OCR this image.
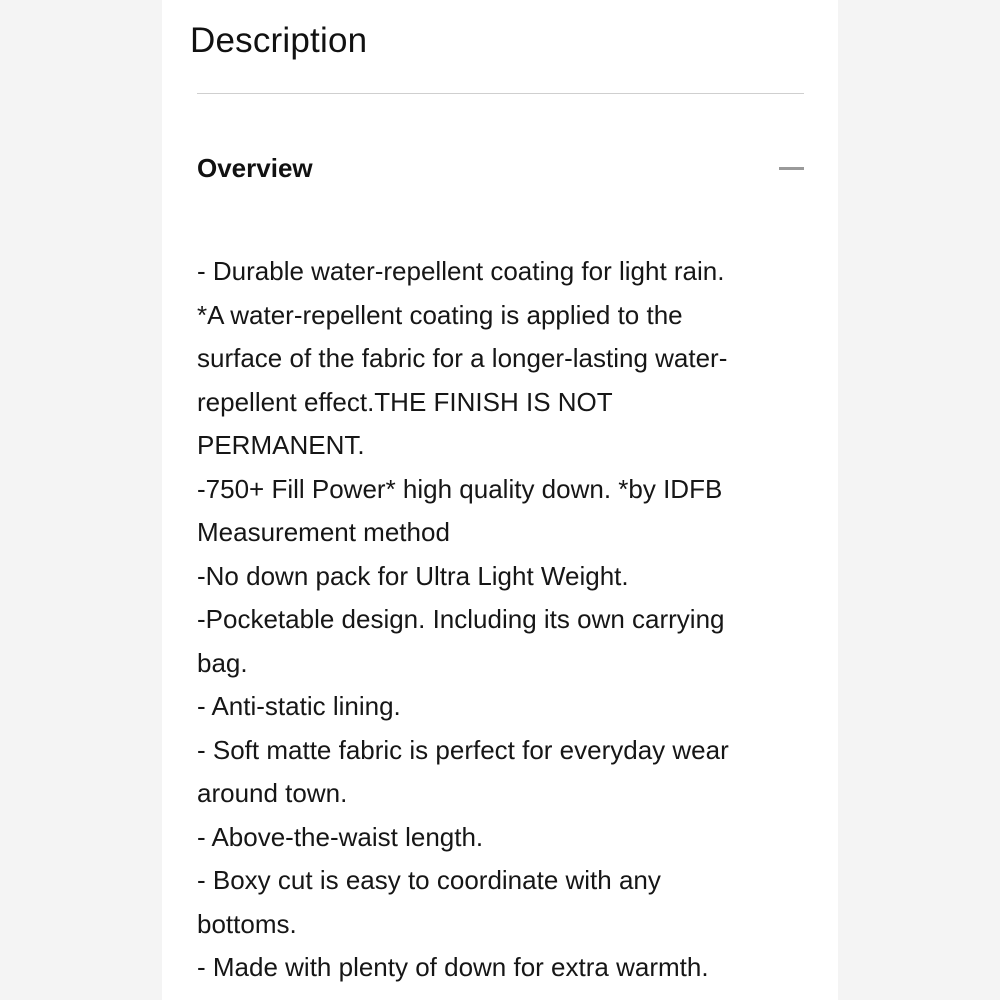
Description
Overview
- Durable water-repellent coating for light rain.
*A water-repellent coating is applied to the
surface of the fabric for a longer-lasting water-
repellent effect.THE FINISH IS NOT
PERMANENT.
-750+ Fill Power* high quality down. *by IDFB
Measurement method
-No down pack for Ultra Light Weight.
-Pocketable design. Including its own carrying
bag.
- Anti-static lining.
- Soft matte fabric is perfect for everyday wear
around town.
- Above-the-waist length.
- Boxy cut is easy to coordinate with any
bottoms.
- Made with plenty of down for extra warmth.
